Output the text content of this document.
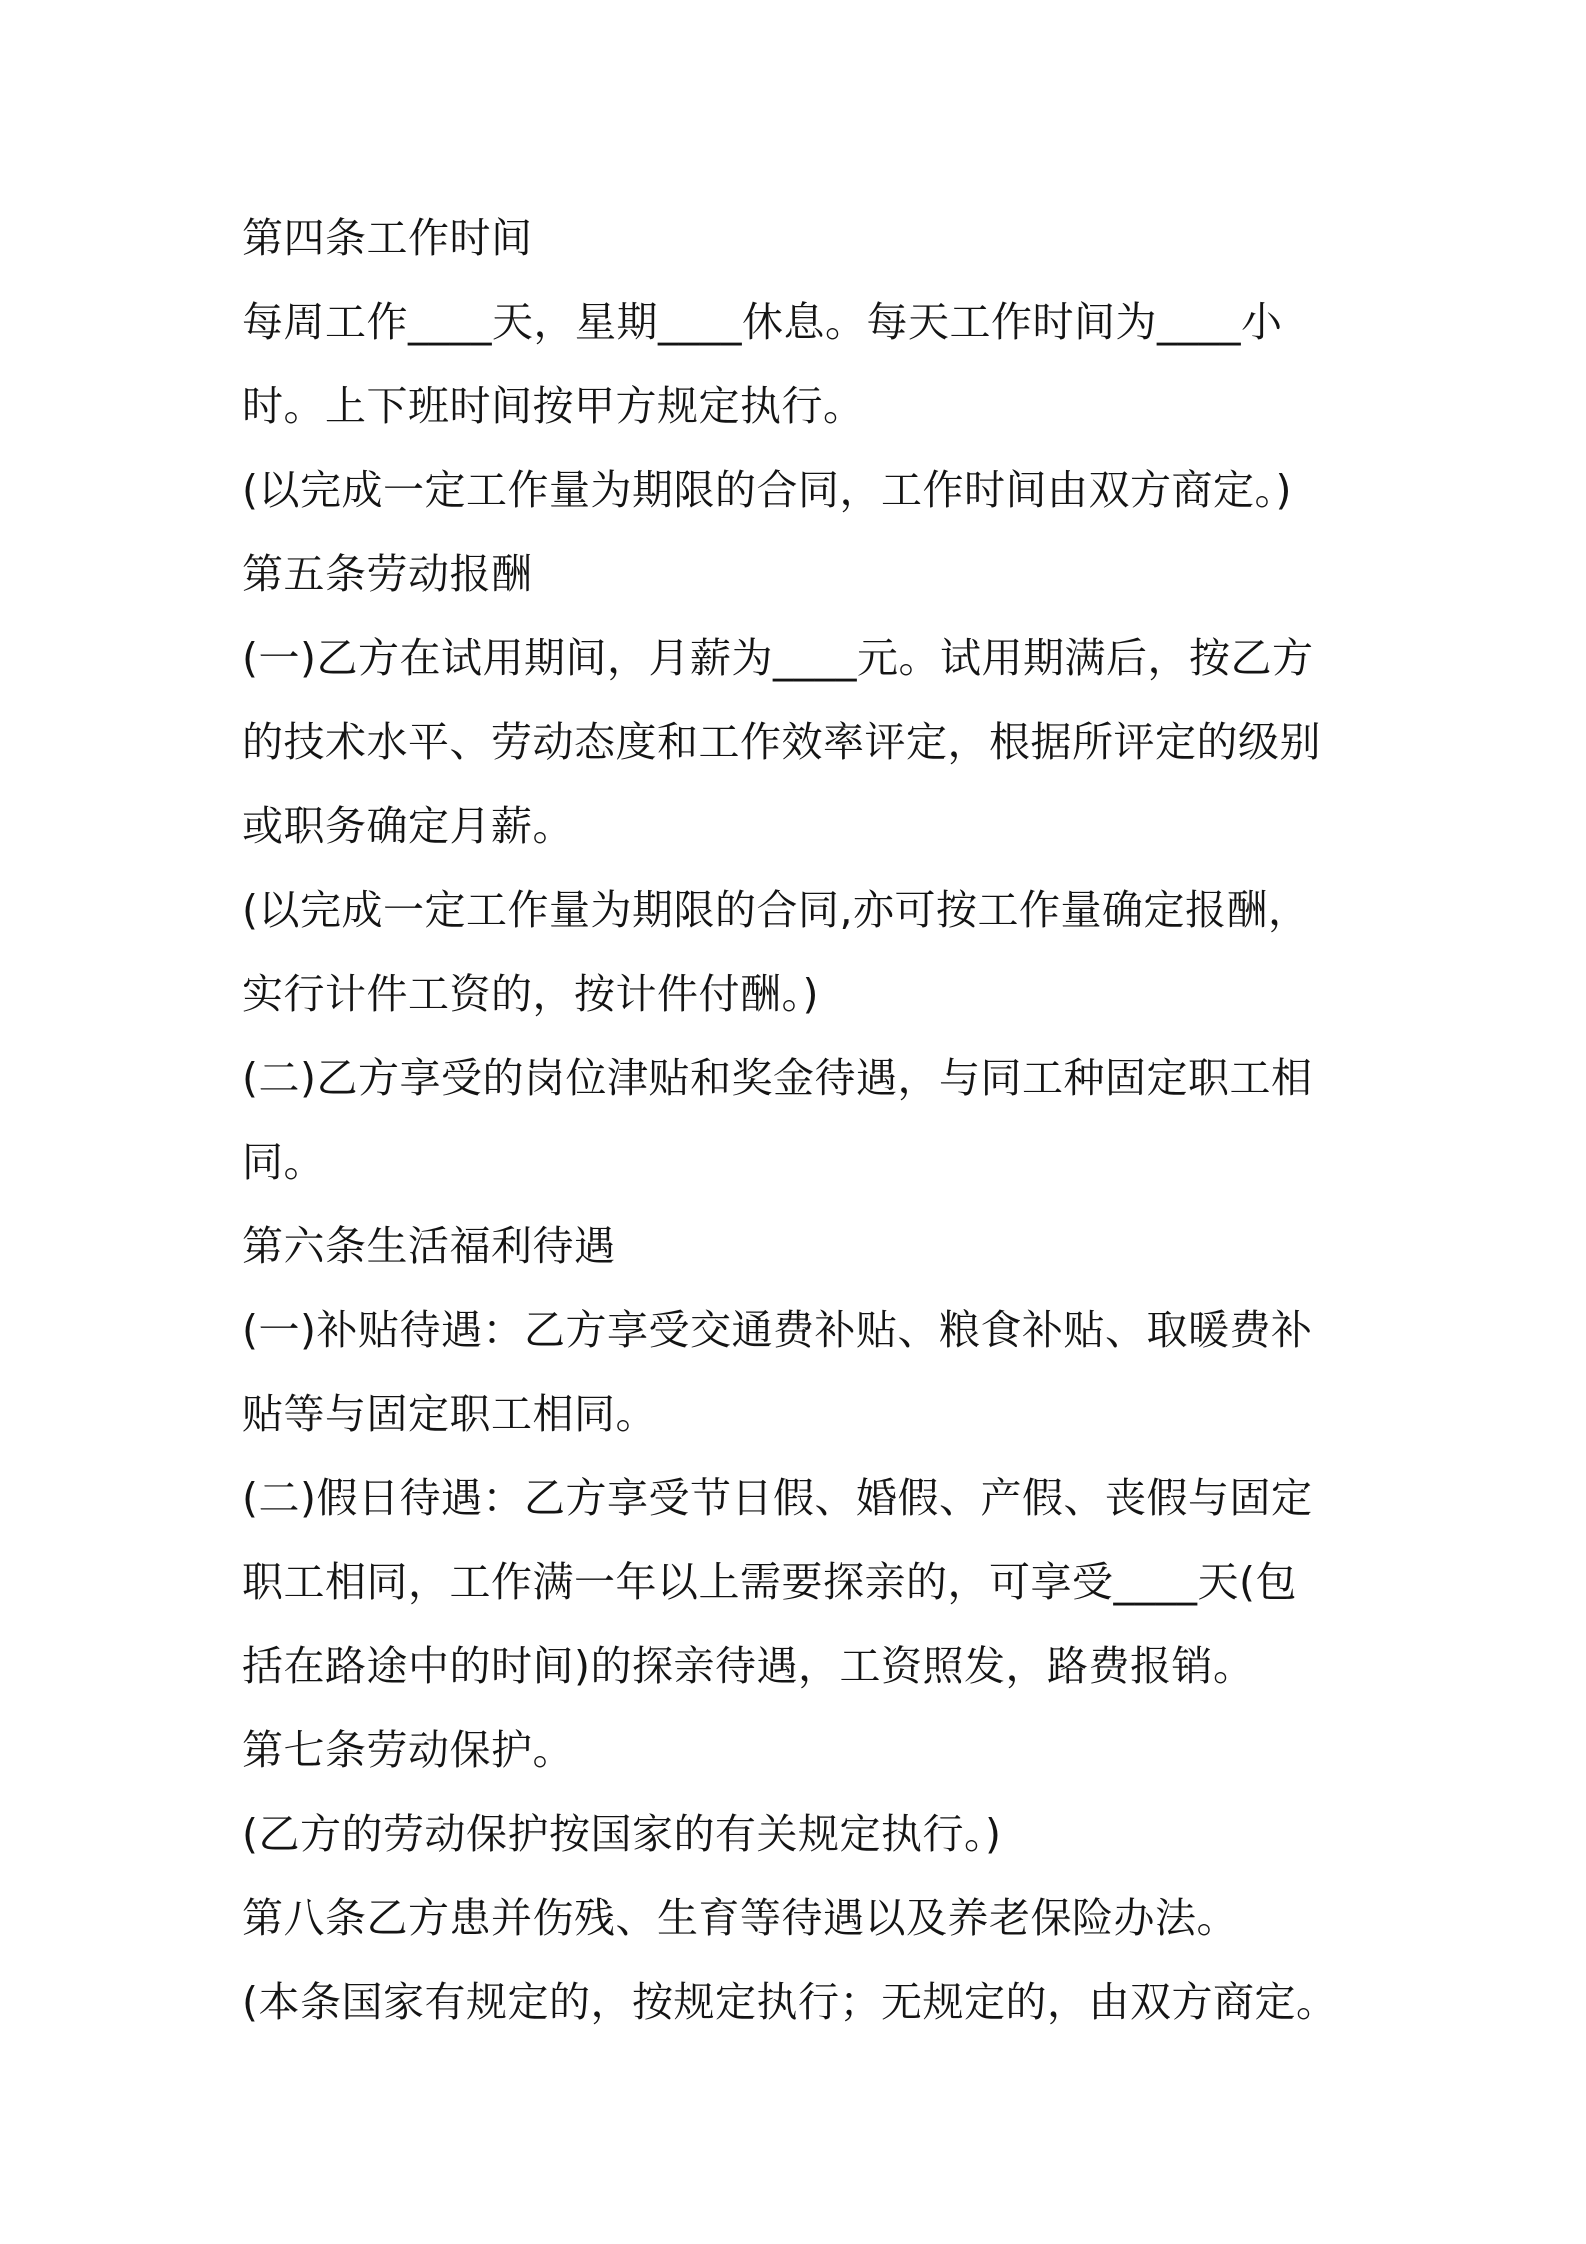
第四条工作时间

每周工作____天，星期____休息。每天工作时间为____小

时。上下班时间按甲方规定执行。

(以完成一定工作量为期限的合同，工作时间由双方商定。)

第五条劳动报酬

(一)乙方在试用期间，月薪为____元。试用期满后，按乙方

的技术水平、劳动态度和工作效率评定，根据所评定的级别

或职务确定月薪。

(以完成一定工作量为期限的合同,亦可按工作量确定报酬，

实行计件工资的，按计件付酬。)

(二)乙方享受的岗位津贴和奖金待遇，与同工种固定职工相

同。

第六条生活福利待遇

(一)补贴待遇：乙方享受交通费补贴、粮食补贴、取暖费补

贴等与固定职工相同。

(二)假日待遇：乙方享受节日假、婚假、产假、丧假与固定

职工相同，工作满一年以上需要探亲的，可享受____天(包

括在路途中的时间)的探亲待遇，工资照发，路费报销。

第七条劳动保护。

(乙方的劳动保护按国家的有关规定执行。)

第八条乙方患并伤残、生育等待遇以及养老保险办法。

(本条国家有规定的，按规定执行；无规定的，由双方商定。
